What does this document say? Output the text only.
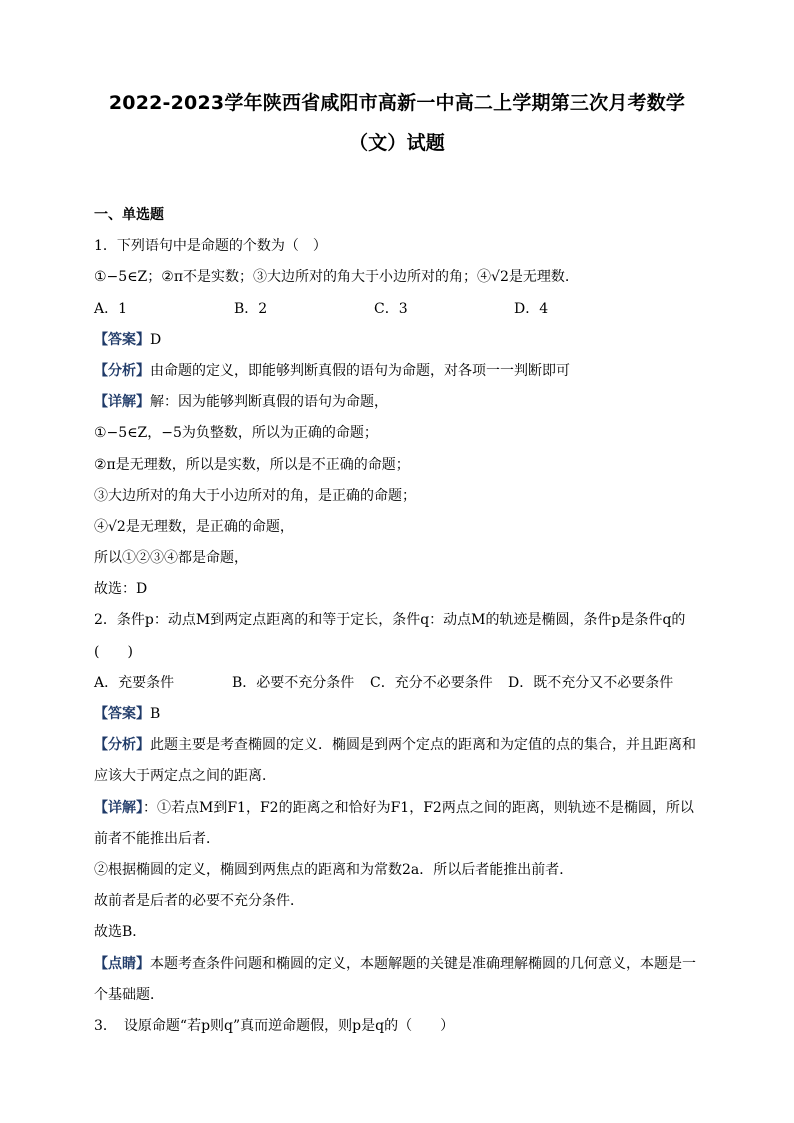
2022-2023学年陕西省咸阳市高新一中高二上学期第三次月考数学
（文）试题
一、单选题
1．下列语句中是命题的个数为（　）
①−5∈Z；②π不是实数；③大边所对的角大于小边所对的角；④√2是无理数.
A．1	B．2	C．3	D．4
【答案】D
【分析】由命题的定义，即能够判断真假的语句为命题，对各项一一判断即可
【详解】解：因为能够判断真假的语句为命题，
①−5∈Z，−5为负整数，所以为正确的命题；
②π是无理数，所以是实数，所以是不正确的命题；
③大边所对的角大于小边所对的角，是正确的命题；
④√2是无理数，是正确的命题，
所以①②③④都是命题，
故选：D
2．条件p：动点M到两定点距离的和等于定长，条件q：动点M的轨迹是椭圆，条件p是条件q的(　　)
A．充要条件	B．必要不充分条件	C．充分不必要条件	D．既不充分又不必要条件
【答案】B
【分析】此题主要是考查椭圆的定义．椭圆是到两个定点的距离和为定值的点的集合，并且距离和应该大于两定点之间的距离．
【详解】：①若点M到F1，F2的距离之和恰好为F1，F2两点之间的距离，则轨迹不是椭圆，所以前者不能推出后者．
②根据椭圆的定义，椭圆到两焦点的距离和为常数2a．所以后者能推出前者．
故前者是后者的必要不充分条件．
故选B．
【点睛】本题考查条件问题和椭圆的定义，本题解题的关键是准确理解椭圆的几何意义，本题是一个基础题．
3．　设原命题“若p则q”真而逆命题假，则p是q的（　　）
